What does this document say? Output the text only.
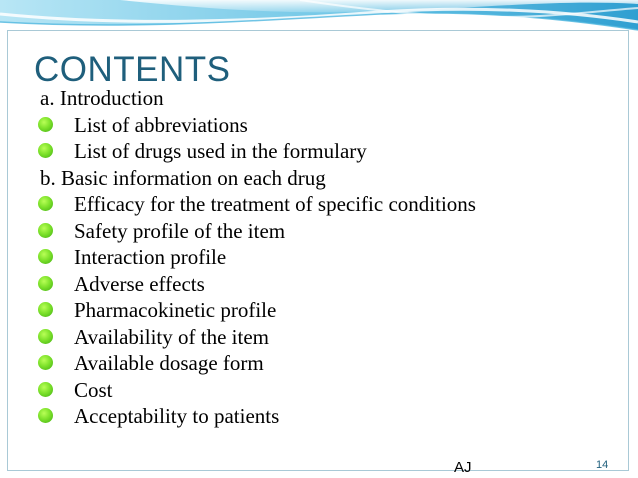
CONTENTS
a. Introduction
List of abbreviations
List of drugs used in the formulary
b. Basic information on each drug
Efficacy for the treatment of specific conditions
Safety profile of the item
Interaction profile
Adverse effects
Pharmacokinetic profile
Availability of the item
Available dosage form
Cost
Acceptability to patients
AJ	14
